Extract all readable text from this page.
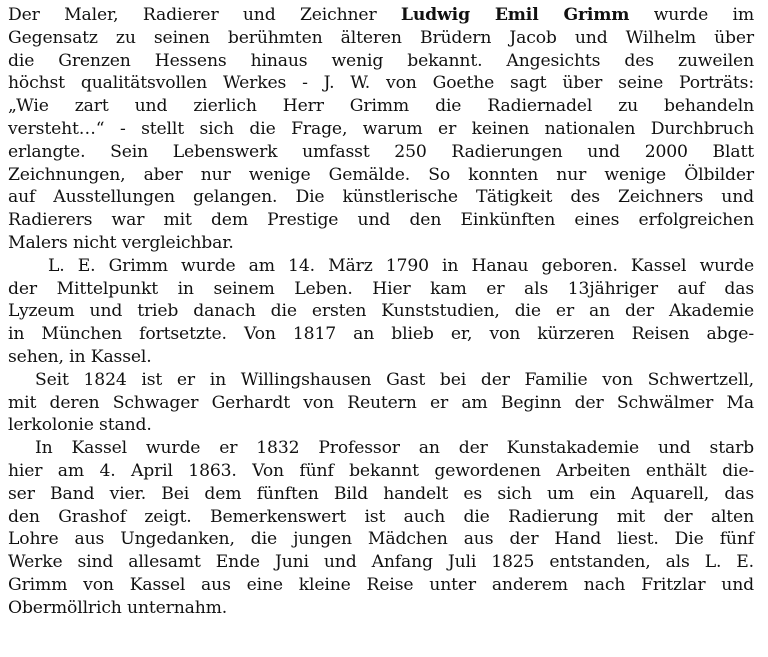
Der Maler, Radierer und Zeichner Ludwig Emil Grimm wurde im
Gegensatz zu seinen berühmten älteren Brüdern Jacob und Wilhelm über
die Grenzen Hessens hinaus wenig bekannt. Angesichts des zuweilen
höchst qualitätsvollen Werkes - J. W. von Goethe sagt über seine Porträts:
„Wie zart und zierlich Herr Grimm die Radiernadel zu behandeln
versteht…“ - stellt sich die Frage, warum er keinen nationalen Durchbruch
erlangte. Sein Lebenswerk umfasst 250 Radierungen und 2000 Blatt
Zeichnungen, aber nur wenige Gemälde. So konnten nur wenige Ölbilder
auf Ausstellungen gelangen. Die künstlerische Tätigkeit des Zeichners und
Radierers war mit dem Prestige und den Einkünften eines erfolgreichen
Malers nicht vergleichbar.
L. E. Grimm wurde am 14. März 1790 in Hanau geboren. Kassel wurde
der Mittelpunkt in seinem Leben. Hier kam er als 13jähriger auf das
Lyzeum und trieb danach die ersten Kunststudien, die er an der Akademie
in München fortsetzte. Von 1817 an blieb er, von kürzeren Reisen abge-
sehen, in Kassel.
Seit 1824 ist er in Willingshausen Gast bei der Familie von Schwertzell,
mit deren Schwager Gerhardt von Reutern er am Beginn der Schwälmer Ma
lerkolonie stand.
In Kassel wurde er 1832 Professor an der Kunstakademie und starb
hier am 4. April 1863. Von fünf bekannt gewordenen Arbeiten enthält die-
ser Band vier. Bei dem fünften Bild handelt es sich um ein Aquarell, das
den Grashof zeigt. Bemerkenswert ist auch die Radierung mit der alten
Lohre aus Ungedanken, die jungen Mädchen aus der Hand liest. Die fünf
Werke sind allesamt Ende Juni und Anfang Juli 1825 entstanden, als L. E.
Grimm von Kassel aus eine kleine Reise unter anderem nach Fritzlar und
Obermöllrich unternahm.
